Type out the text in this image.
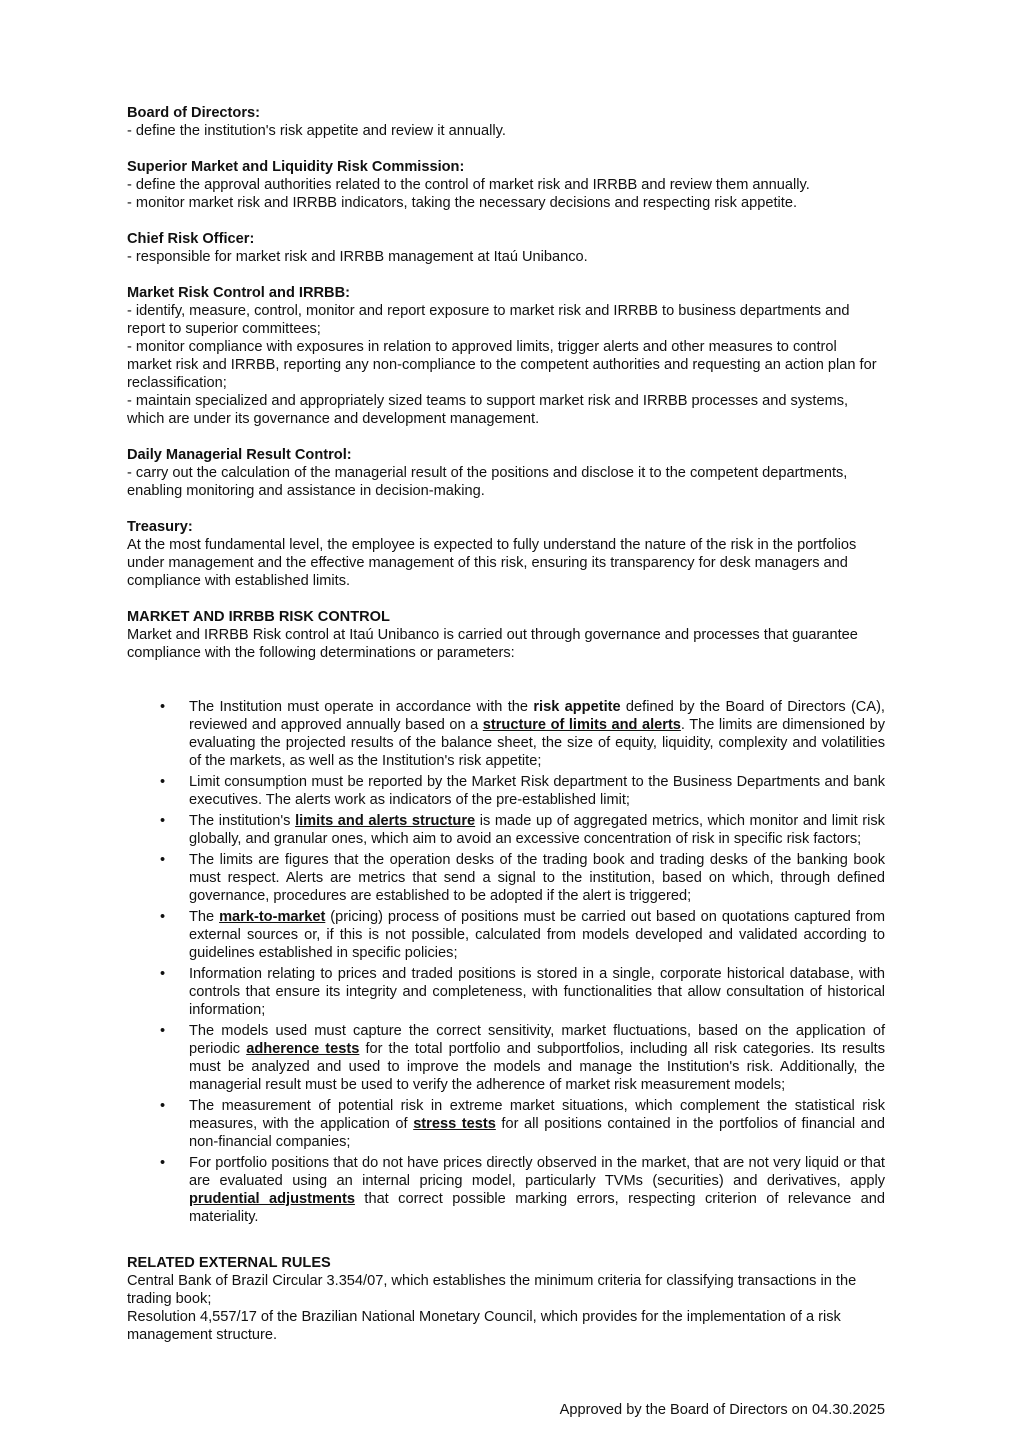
Board of Directors:

- define the institution's risk appetite and review it annually.

Superior Market and Liquidity Risk Commission:

- define the approval authorities related to the control of market risk and IRRBB and review them annually.

- monitor market risk and IRRBB indicators, taking the necessary decisions and respecting risk appetite.

Chief Risk Officer:

- responsible for market risk and IRRBB management at Itaú Unibanco.

Market Risk Control and IRRBB:

- identify, measure, control, monitor and report exposure to market risk and IRRBB to business departments and report to superior committees;

- monitor compliance with exposures in relation to approved limits, trigger alerts and other measures to control market risk and IRRBB, reporting any non-compliance to the competent authorities and requesting an action plan for reclassification;

- maintain specialized and appropriately sized teams to support market risk and IRRBB processes and systems, which are under its governance and development management.

Daily Managerial Result Control:

- carry out the calculation of the managerial result of the positions and disclose it to the competent departments, enabling monitoring and assistance in decision-making.

Treasury:

At the most fundamental level, the employee is expected to fully understand the nature of the risk in the portfolios under management and the effective management of this risk, ensuring its transparency for desk managers and compliance with established limits.

MARKET AND IRRBB RISK CONTROL

Market and IRRBB Risk control at Itaú Unibanco is carried out through governance and processes that guarantee compliance with the following determinations or parameters:

• The Institution must operate in accordance with the risk appetite defined by the Board of Directors (CA), reviewed and approved annually based on a structure of limits and alerts. The limits are dimensioned by evaluating the projected results of the balance sheet, the size of equity, liquidity, complexity and volatilities of the markets, as well as the Institution's risk appetite;
• Limit consumption must be reported by the Market Risk department to the Business Departments and bank executives. The alerts work as indicators of the pre-established limit;
• The institution's limits and alerts structure is made up of aggregated metrics, which monitor and limit risk globally, and granular ones, which aim to avoid an excessive concentration of risk in specific risk factors;
• The limits are figures that the operation desks of the trading book and trading desks of the banking book must respect. Alerts are metrics that send a signal to the institution, based on which, through defined governance, procedures are established to be adopted if the alert is triggered;
• The mark-to-market (pricing) process of positions must be carried out based on quotations captured from external sources or, if this is not possible, calculated from models developed and validated according to guidelines established in specific policies;
• Information relating to prices and traded positions is stored in a single, corporate historical database, with controls that ensure its integrity and completeness, with functionalities that allow consultation of historical information;
• The models used must capture the correct sensitivity, market fluctuations, based on the application of periodic adherence tests for the total portfolio and subportfolios, including all risk categories. Its results must be analyzed and used to improve the models and manage the Institution's risk. Additionally, the managerial result must be used to verify the adherence of market risk measurement models;
• The measurement of potential risk in extreme market situations, which complement the statistical risk measures, with the application of stress tests for all positions contained in the portfolios of financial and non-financial companies;
• For portfolio positions that do not have prices directly observed in the market, that are not very liquid or that are evaluated using an internal pricing model, particularly TVMs (securities) and derivatives, apply prudential adjustments that correct possible marking errors, respecting criterion of relevance and materiality.

RELATED EXTERNAL RULES

Central Bank of Brazil Circular 3.354/07, which establishes the minimum criteria for classifying transactions in the trading book;

Resolution 4,557/17 of the Brazilian National Monetary Council, which provides for the implementation of a risk management structure.

Approved by the Board of Directors on 04.30.2025
